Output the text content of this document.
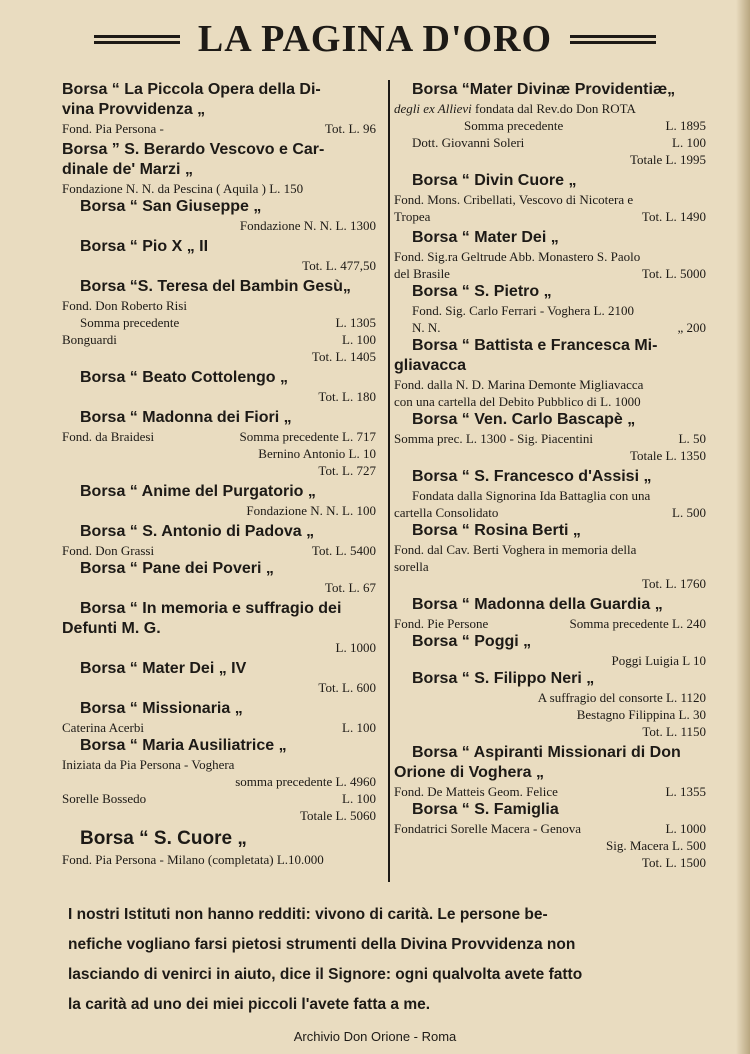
LA PAGINA D'ORO
Borsa “ La Piccola Opera della Di-
vina Provvidenza „
Fond. Pia Persona -	Tot. L. 96
Borsa ” S. Berardo Vescovo e Car-
dinale de' Marzi „
Fondazione N. N. da Pescina ( Aquila ) L. 150
Borsa “ San Giuseppe „
Fondazione N. N. L. 1300
Borsa “ Pio X „ II
Tot. L. 477,50
Borsa “S. Teresa del Bambin Gesù„
Fond. Don Roberto Risi
Somma precedente	L. 1305
Bonguardi	L. 100
Tot. L. 1405
Borsa “ Beato Cottolengo „
Tot. L. 180
Borsa “ Madonna dei Fiori „
Fond. da Braidesi	Somma precedente L. 717
Bernino Antonio L. 10
Tot. L. 727
Borsa “ Anime del Purgatorio „
Fondazione N. N. L. 100
Borsa “ S. Antonio di Padova „
Fond. Don Grassi	Tot. L. 5400
Borsa “ Pane dei Poveri „
Tot. L. 67
Borsa “ In memoria e suffragio dei
Defunti M. G.
L. 1000
Borsa “ Mater Dei „ IV
Tot. L. 600
Borsa “ Missionaria „
Caterina Acerbi	L. 100
Borsa “ Maria Ausiliatrice „
Iniziata da Pia Persona - Voghera
somma precedente L. 4960
Sorelle Bossedo	L. 100
Totale L. 5060
Borsa “ S. Cuore „
Fond. Pia Persona - Milano (completata) L.10.000
Borsa “Mater Divinæ Providentiæ„
degli ex Allievi fondata dal Rev.do Don ROTA
Somma precedente	L. 1895
Dott. Giovanni Soleri	L. 100
Totale L. 1995
Borsa “ Divin Cuore „
Fond. Mons. Cribellati, Vescovo di Nicotera e
Tropea	Tot. L. 1490
Borsa “ Mater Dei „
Fond. Sig.ra Geltrude Abb. Monastero S. Paolo
del Brasile	Tot. L. 5000
Borsa “ S. Pietro „
Fond. Sig. Carlo Ferrari - Voghera L. 2100
N. N.	„ 200
Borsa “ Battista e Francesca Mi-
gliavacca
Fond. dalla N. D. Marina Demonte Migliavacca
con una cartella del Debito Pubblico di L. 1000
Borsa “ Ven. Carlo Bascapè „
Somma prec. L. 1300 - Sig. Piacentini	L. 50
Totale L. 1350
Borsa “ S. Francesco d'Assisi „
Fondata dalla Signorina Ida Battaglia con una
cartella Consolidato	L. 500
Borsa “ Rosina Berti „
Fond. dal Cav. Berti Voghera in memoria della
sorella
Tot. L. 1760
Borsa “ Madonna della Guardia „
Fond. Pie Persone	Somma precedente L. 240
Borsa “ Poggi „
Poggi Luigia L 10
Borsa “ S. Filippo Neri „
A suffragio del consorte L. 1120
Bestagno Filippina L. 30
Tot. L. 1150
Borsa “ Aspiranti Missionari di Don
Orione di Voghera „
Fond. De Matteis Geom. Felice	L. 1355
Borsa “ S. Famiglia
Fondatrici Sorelle Macera - Genova	L. 1000
Sig. Macera L. 500
Tot. L. 1500
I nostri Istituti non hanno redditi: vivono di carità. Le persone be-
nefiche vogliano farsi pietosi strumenti della Divina Provvidenza non
lasciando di venirci in aiuto, dice il Signore: ogni qualvolta avete fatto
la carità ad uno dei miei piccoli l'avete fatta a me.
Archivio Don Orione - Roma
